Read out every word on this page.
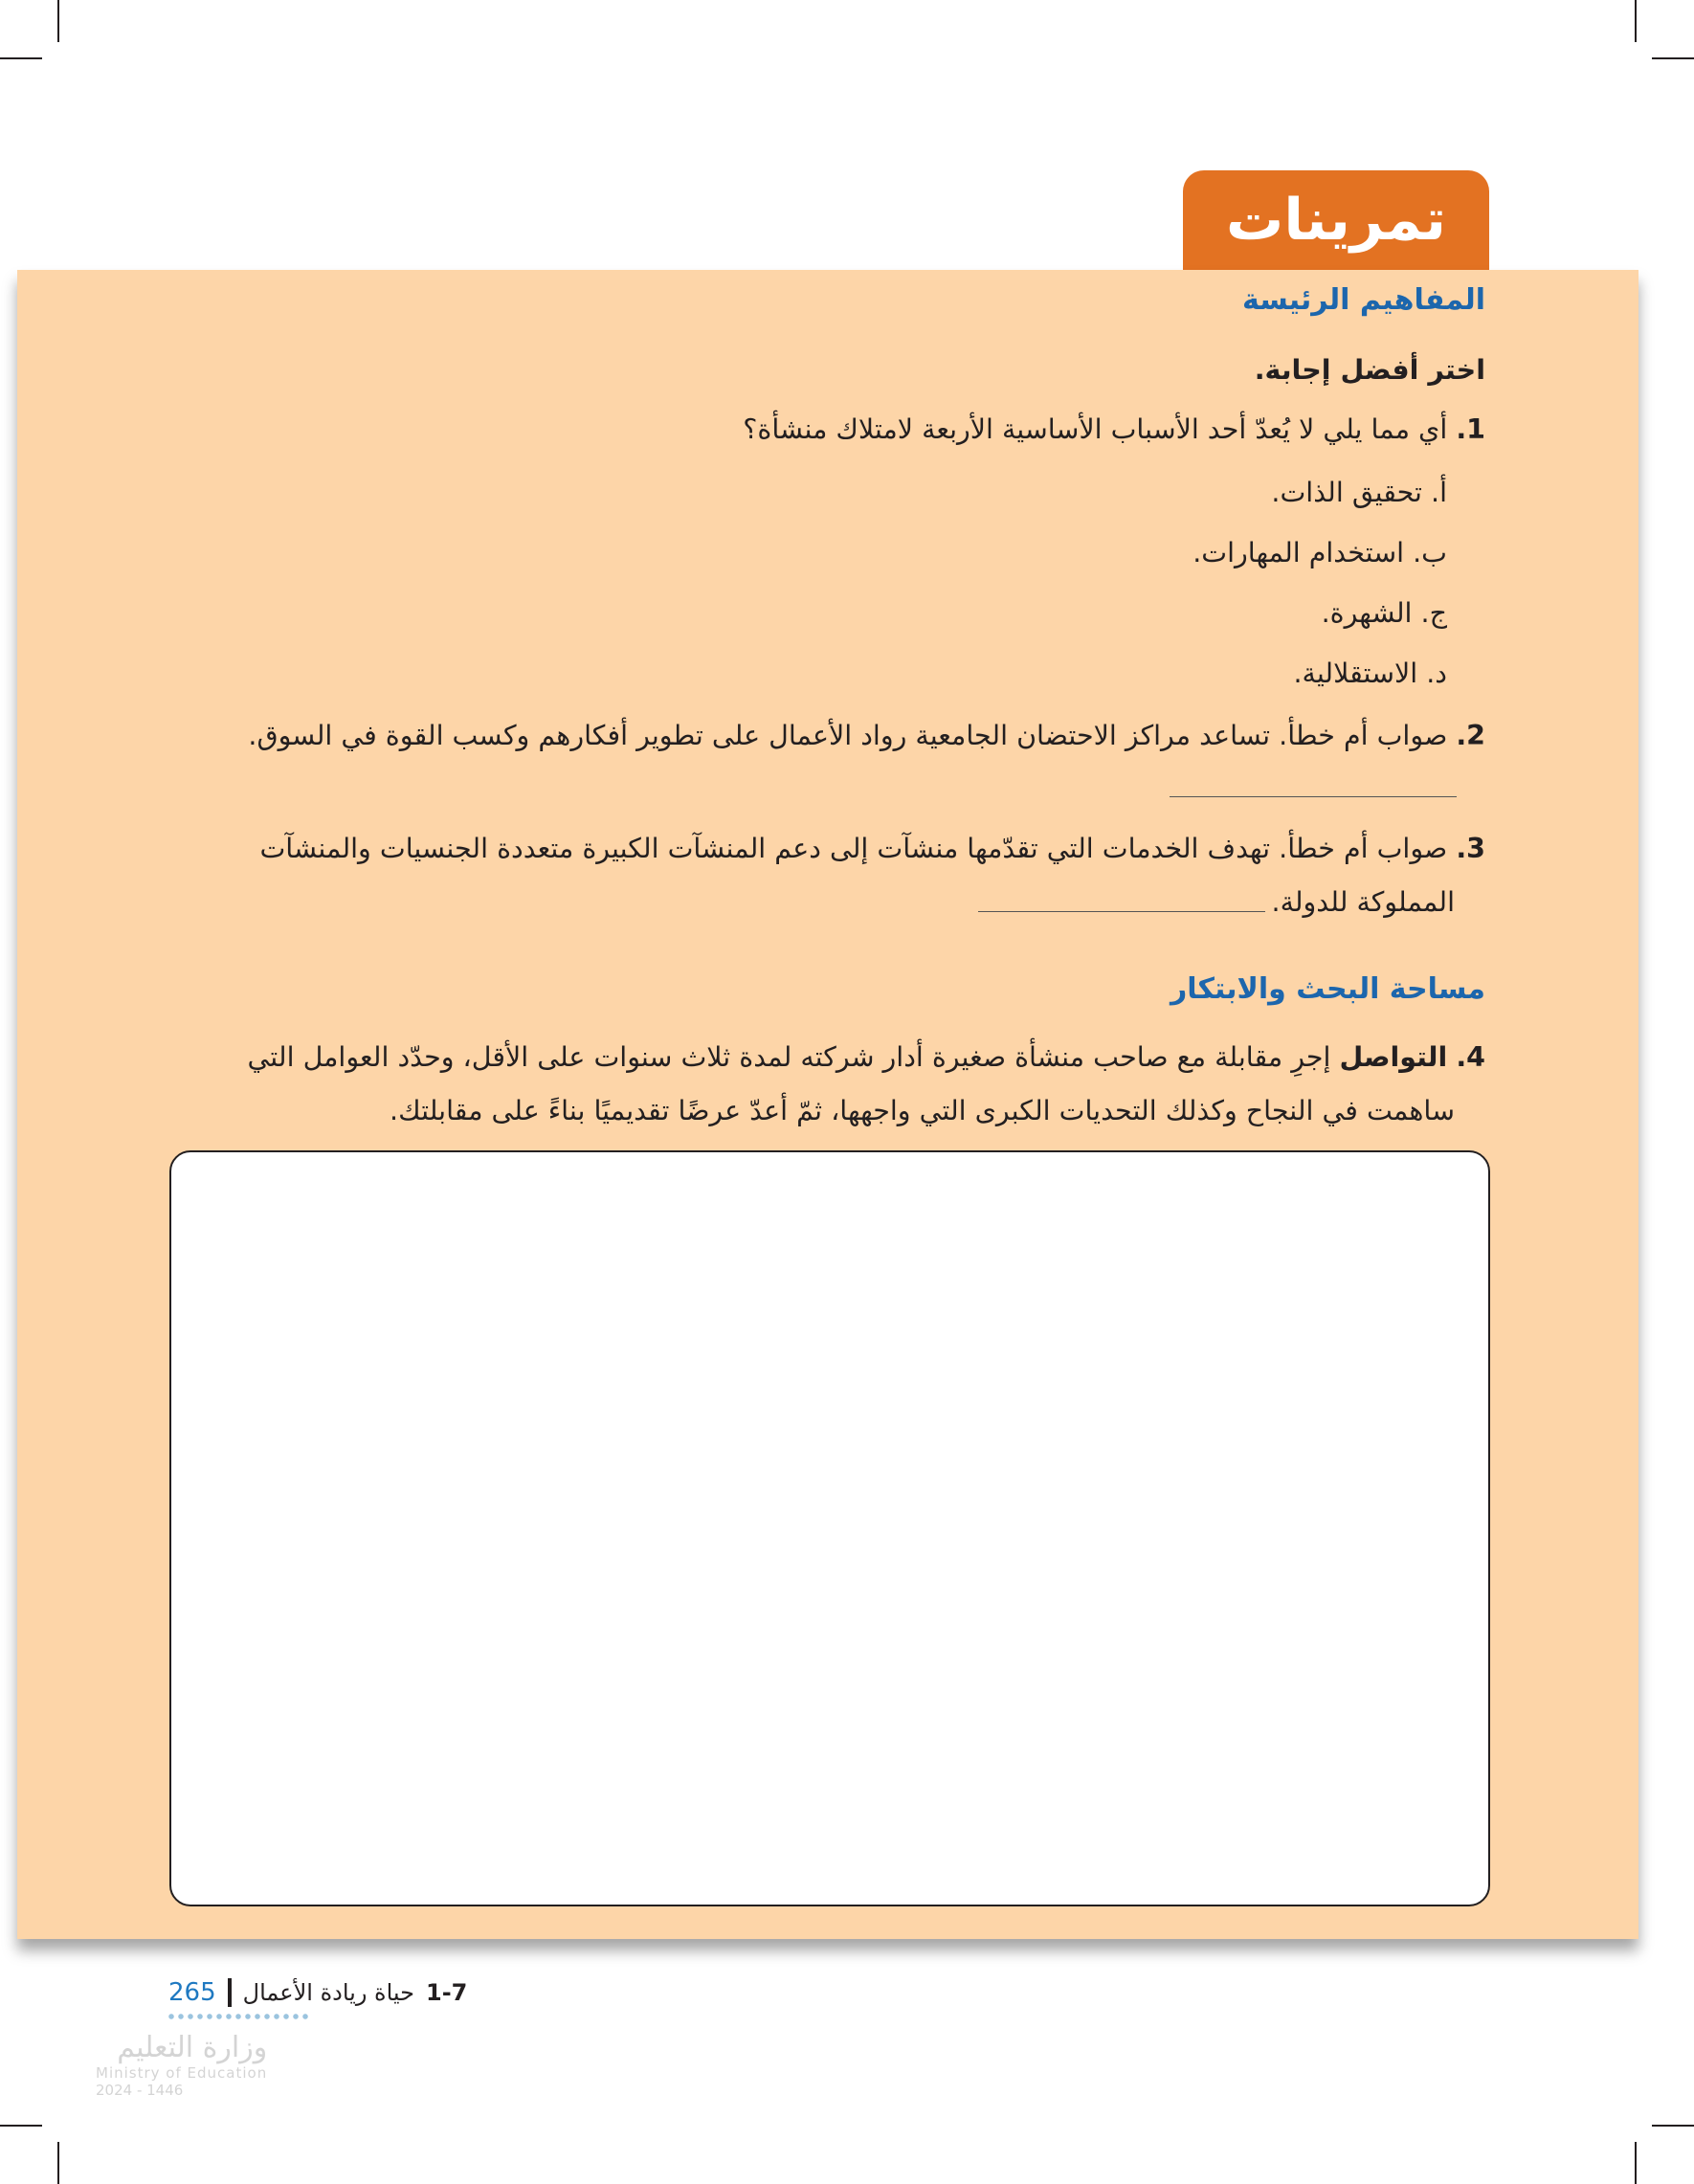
تمرينات
المفاهيم الرئيسة
اختر أفضل إجابة.
1. أي مما يلي لا يُعدّ أحد الأسباب الأساسية الأربعة لامتلاك منشأة؟
أ. تحقيق الذات.
ب. استخدام المهارات.
ج. الشهرة.
د. الاستقلالية.
2. صواب أم خطأ. تساعد مراكز الاحتضان الجامعية رواد الأعمال على تطوير أفكارهم وكسب القوة في السوق.
3. صواب أم خطأ. تهدف الخدمات التي تقدّمها منشآت إلى دعم المنشآت الكبيرة متعددة الجنسيات والمنشآت
المملوكة للدولة.
مساحة البحث والابتكار
4. التواصل إجرِ مقابلة مع صاحب منشأة صغيرة أدار شركته لمدة ثلاث سنوات على الأقل، وحدّد العوامل التي
ساهمت في النجاح وكذلك التحديات الكبرى التي واجهها، ثمّ أعدّ عرضًا تقديميًا بناءً على مقابلتك.
265 حياة ريادة الأعمال 1-7
وزارة التعليم
Ministry of Education
2024 - 1446
